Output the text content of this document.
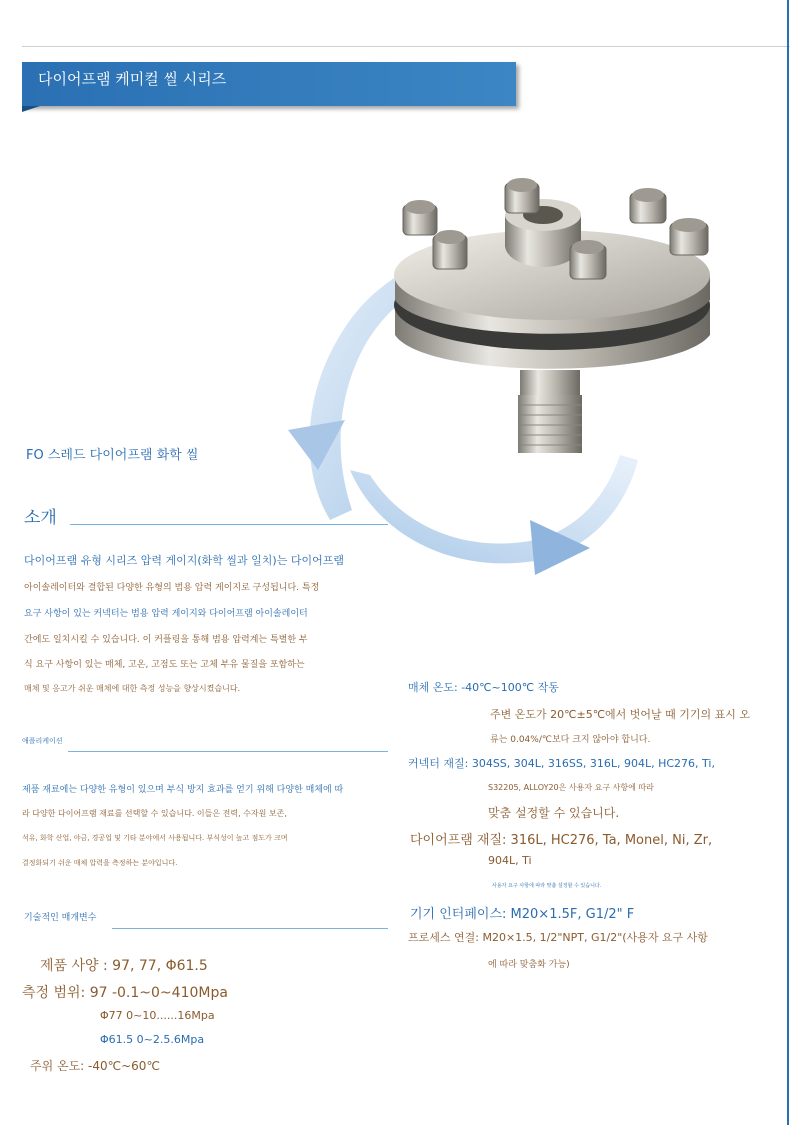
다이어프램 케미컬 씰 시리즈
FO 스레드 다이어프램 화학 씰
소개
다이어프램 유형 시리즈 압력 게이지(화학 씰과 일치)는 다이어프램
아이솔레이터와 결합된 다양한 유형의 범용 압력 게이지로 구성됩니다. 특정
요구 사항이 있는 커넥터는 범용 압력 게이지와 다이어프램 아이솔레이터
간에도 일치시킬 수 있습니다. 이 커플링을 통해 범용 압력계는 특별한 부
식 요구 사항이 있는 매체, 고온, 고점도 또는 고체 부유 물질을 포함하는
매체 및 응고가 쉬운 매체에 대한 측정 성능을 향상시켰습니다.
애플리케이션
제품 재료에는 다양한 유형이 있으며 부식 방지 효과를 얻기 위해 다양한 매체에 따
라 다양한 다이어프램 재료를 선택할 수 있습니다. 이들은 전력, 수자원 보존,
석유, 화학 산업, 야금, 경공업 및 기타 분야에서 사용됩니다. 부식성이 높고 점도가 크며
결정화되기 쉬운 매체 압력을 측정하는 분야입니다.
기술적인 매개변수
제품 사양 : 97, 77, Φ61.5
측정 범위: 97 -0.1~0~410Mpa
Φ77 0~10......16Mpa
Φ61.5 0~2.5.6Mpa
주위 온도: -40℃~60℃
매체 온도: -40℃~100℃ 작동
주변 온도가 20℃±5℃에서 벗어날 때 기기의 표시 오
류는 0.04%/℃보다 크지 않아야 합니다.
커넥터 재질: 304SS, 304L, 316SS, 316L, 904L, HC276, Ti,
S32205, ALLOY20은 사용자 요구 사항에 따라
맞춤 설정할 수 있습니다.
다이어프램 재질: 316L, HC276, Ta, Monel, Ni, Zr,
904L, Ti
사용자 요구 사항에 따라 맞춤 설정할 수 있습니다.
기기 인터페이스: M20×1.5F, G1/2" F
프로세스 연결: M20×1.5, 1/2"NPT, G1/2"(사용자 요구 사항
에 따라 맞춤화 가능)
